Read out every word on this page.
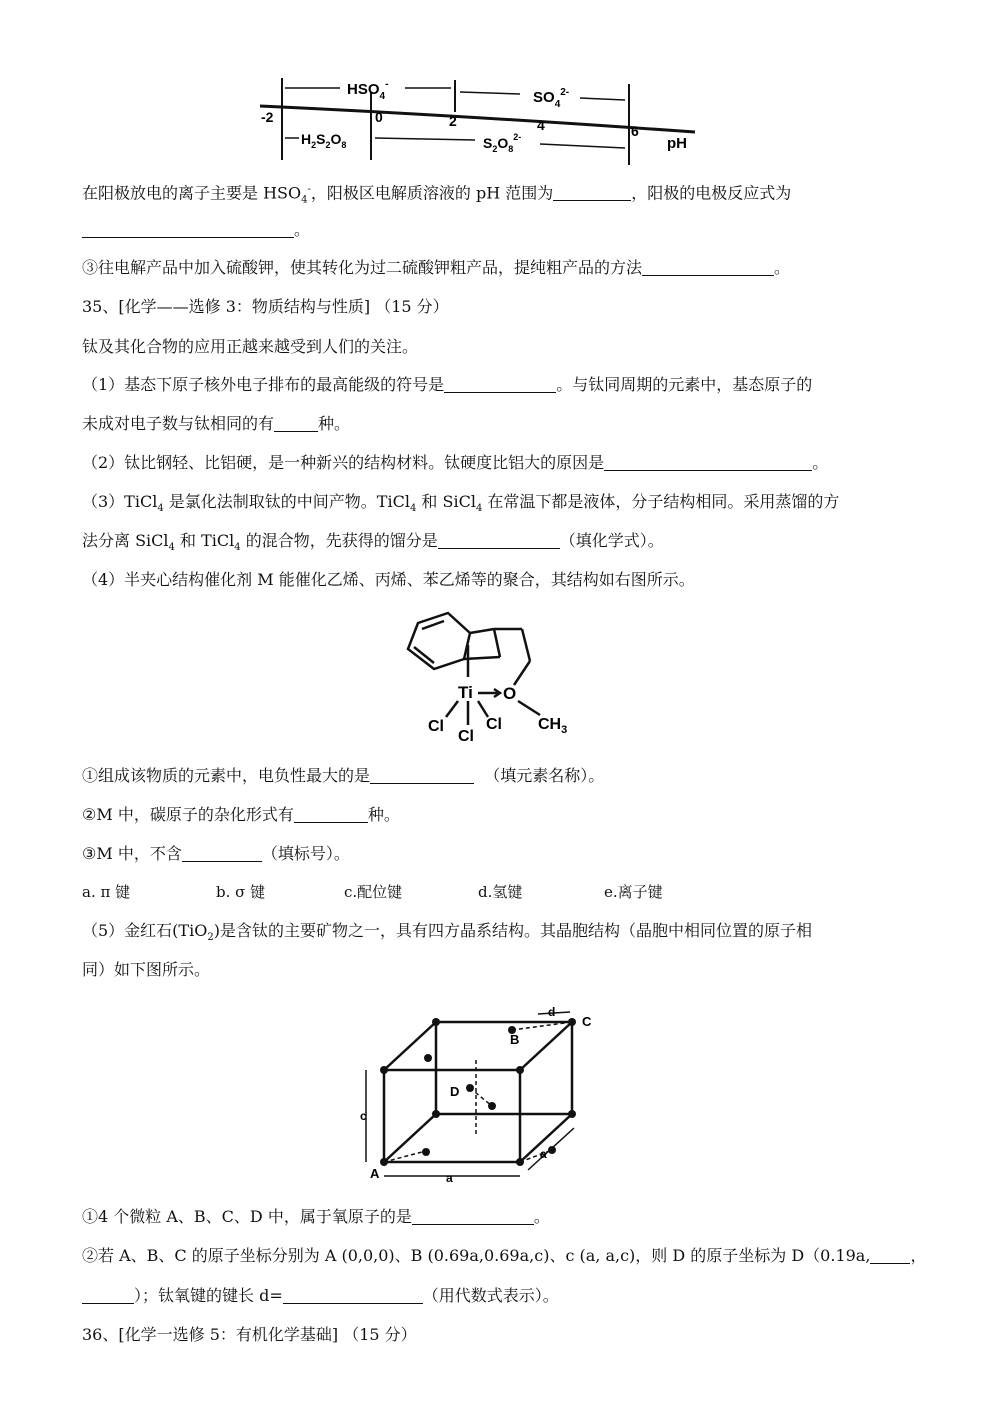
$HSO_4^-$
$SO_4^{2-}$
$H_2S_2O_8$	$S_2O_8^{2-}$
-2	0	2	4	6
pH
在阳极放电的离子主要是 $HSO_4^-$，阳极区电解质溶液的 pH 范围为	，阳极的电极反应式为
。
③往电解产品中加入硫酸钾，使其转化为过二硫酸钾粗产品，提纯粗产品的方法	。
35、[化学——选修 3：物质结构与性质] （15 分）
钛及其化合物的应用正越来越受到人们的关注。
（1）基态下原子核外电子排布的最高能级的符号是	。与钛同周期的元素中，基态原子的
未成对电子数与钛相同的有	种。
（2）钛比钢轻、比铝硬，是一种新兴的结构材料。钛硬度比铝大的原因是	。
（3）TiCl$_4$ 是氯化法制取钛的中间产物。TiCl$_4$ 和 SiCl$_4$ 在常温下都是液体，分子结构相同。采用蒸馏的方
法分离 SiCl$_4$ 和 TiCl$_4$ 的混合物，先获得的馏分是	（填化学式）。
（4）半夹心结构催化剂 M 能催化乙烯、丙烯、苯乙烯等的聚合，其结构如右图所示。
Ti O
Cl
Cl
Cl $CH_3$
①组成该物质的元素中，电负性最大的是	（填元素名称）。
②M 中，碳原子的杂化形式有	种。
③M 中，不含	（填标号）。
a. π 键	b. σ 键	c.配位键	d.氢键	e.离子键
（5）金红石(TiO$_2$)是含钛的主要矿物之一，具有四方晶系结构。其晶胞结构（晶胞中相同位置的原子相
同）如下图所示。
A
B
C
D
d
a
a
c
①4 个微粒 A、B、C、D 中，属于氧原子的是	。
②若 A、B、C 的原子坐标分别为 A (0,0,0)、B (0.69a,0.69a,c)、c (a, a,c)，则 D 的原子坐标为 D（0.19a,	，
）；钛氧键的键长 d=	（用代数式表示）。
36、[化学一选修 5：有机化学基础] （15 分）
